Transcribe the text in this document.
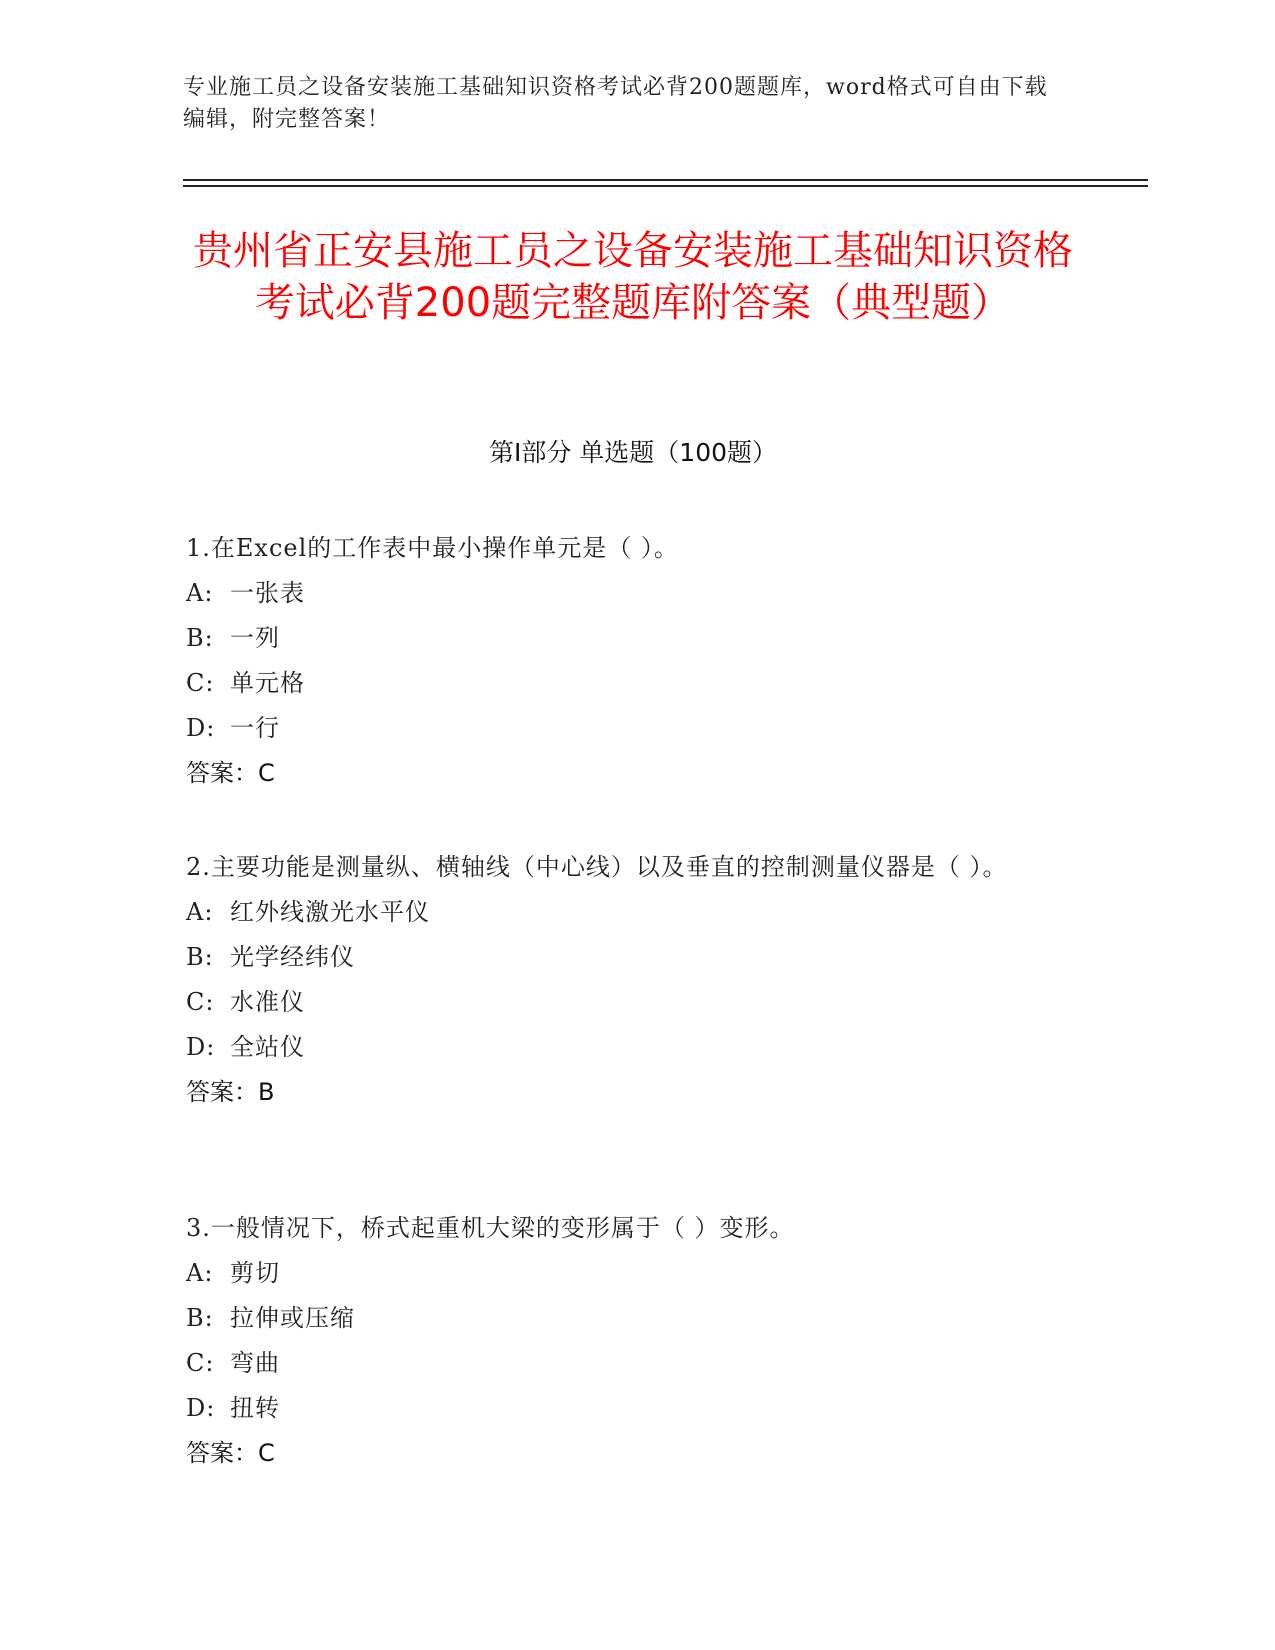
专业施工员之设备安装施工基础知识资格考试必背200题题库，word格式可自由下载编辑，附完整答案！
贵州省正安县施工员之设备安装施工基础知识资格考试必背200题完整题库附答案（典型题）
第I部分 单选题（100题）
1.在Excel的工作表中最小操作单元是（ ）。
A: 一张表
B: 一列
C: 单元格
D: 一行
答案：C
2.主要功能是测量纵、横轴线（中心线）以及垂直的控制测量仪器是（ ）。
A: 红外线激光水平仪
B: 光学经纬仪
C: 水准仪
D: 全站仪
答案：B
3.一般情况下，桥式起重机大梁的变形属于（ ）变形。
A: 剪切
B: 拉伸或压缩
C: 弯曲
D: 扭转
答案：C
